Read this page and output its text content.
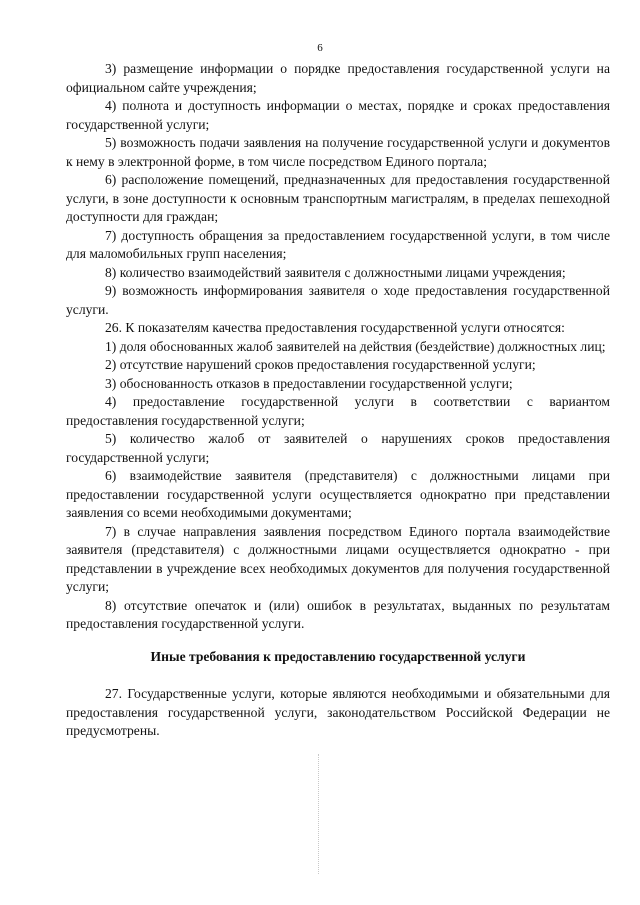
6

3) размещение информации о порядке предоставления государственной услуги на официальном сайте учреждения;

4) полнота и доступность информации о местах, порядке и сроках предоставления государственной услуги;

5) возможность подачи заявления на получение государственной услуги и документов к нему в электронной форме, в том числе посредством Единого портала;

6) расположение помещений, предназначенных для предоставления государственной услуги, в зоне доступности к основным транспортным магистралям, в пределах пешеходной доступности для граждан;

7) доступность обращения за предоставлением государственной услуги, в том числе для маломобильных групп населения;

8) количество взаимодействий заявителя с должностными лицами учреждения;

9) возможность информирования заявителя о ходе предоставления государственной услуги.

26. К показателям качества предоставления государственной услуги относятся:

1) доля обоснованных жалоб заявителей на действия (бездействие) должностных лиц;

2) отсутствие нарушений сроков предоставления государственной услуги;

3) обоснованность отказов в предоставлении государственной услуги;

4) предоставление государственной услуги в соответствии с вариантом предоставления государственной услуги;

5) количество жалоб от заявителей о нарушениях сроков предоставления государственной услуги;

6) взаимодействие заявителя (представителя) с должностными лицами при предоставлении государственной услуги осуществляется однократно при представлении заявления со всеми необходимыми документами;

7) в случае направления заявления посредством Единого портала взаимодействие заявителя (представителя) с должностными лицами осуществляется однократно - при представлении в учреждение всех необходимых документов для получения государственной услуги;

8) отсутствие опечаток и (или) ошибок в результатах, выданных по результатам предоставления государственной услуги.

Иные требования к предоставлению государственной услуги

27. Государственные услуги, которые являются необходимыми и обязательными для предоставления государственной услуги, законодательством Российской Федерации не предусмотрены.
